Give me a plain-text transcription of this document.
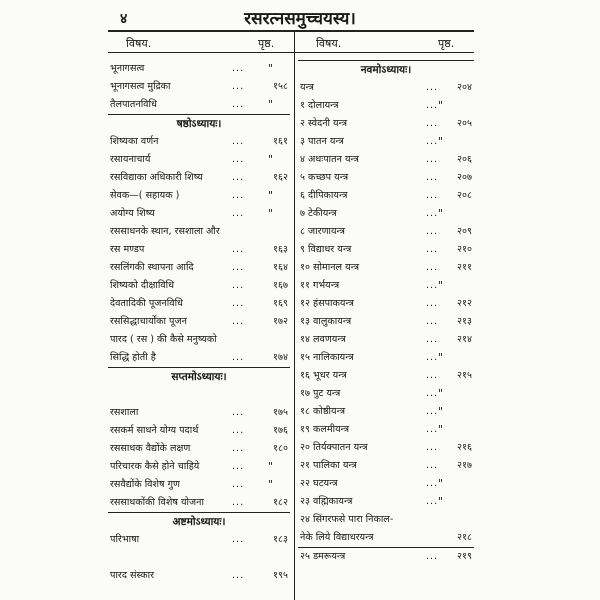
४	रसरत्नसमुच्चयस्य।
विषय.	पृष्ठ.	विषय.	पृष्ठ.
भूनागसत्व	... "
भूनागसत्व मुद्रिका	...	१५८
तैलपातनविधि	... "
षष्ठोऽध्यायः।
शिष्यका वर्णन	...	१६१
रसायनाचार्य	... "
रसविद्याका अधिकारी शिष्य	...	१६२
सेवक—( सहायक )	... "
अयोग्य शिष्य	... "
रससाधनके स्थान, रसशाला और
रस मण्डप	...	१६३
रसलिंगकी स्थापना आदि	...	१६४
शिष्यको दीक्षाविधि	...	१६७
देवतादिकी पूजनविधि	...	१६९
रससिद्धाचार्योंका पूजन	...	१७२
पारद ( रस ) की कैसे मनुष्यको
सिद्धि होती है	...	१७४
सप्तमोऽध्यायः।
रसशाला	...	१७५
रसकर्म साधने योग्य पदार्थ	...	१७६
रससाधक वैद्योंके लक्षण	...	१८०
परिचारक कैसे होने चाहिये	... "
रसवैद्योंके विशेष गुण	... "
रससाधकोंकी विशेष योजना	...	१८२
अष्टमोऽध्यायः।
परिभाषा	...	१८३
पारद संस्कार	...	१९५
नवमोऽध्यायः।
यन्त्र	... २०४
१ दोलायन्त्र	... "
२ स्वेदनी यन्त्र	... २०५
३ पातन यन्त्र	... "
४ अधःपातन यन्त्र	... २०६
५ कच्छप यन्त्र	... २०७
६ दीपिकायन्त्र	... २०८
७ टेकीयन्त्र	... "
८ जारणायन्त्र	... २०९
९ विद्याधर यन्त्र	... २१०
१० सोमानल यन्त्र	... २११
११ गर्भयन्त्र	... "
१२ हंसपाकयन्त्र	... २१२
१३ वालुकायन्त्र	... २१३
१४ लवणयन्त्र	... २१४
१५ नालिकायन्त्र	... "
१६ भूधर यन्त्र	... २१५
१७ पुट यन्त्र	... "
१८ कोष्ठीयन्त्र	... "
१९ कलमीयन्त्र	... "
२० तिर्यक्पातन यन्त्र	... २१६
२१ पालिका यन्त्र	... २१७
२२ घटयन्त्र	... "
२३ वह्मिकायन्त्र	... "
२४ सिंगरफसे पारा निकाल-
नेके लिये विद्याधरयन्त्र	२१८
२५ डमरूयन्त्र	... २१९
